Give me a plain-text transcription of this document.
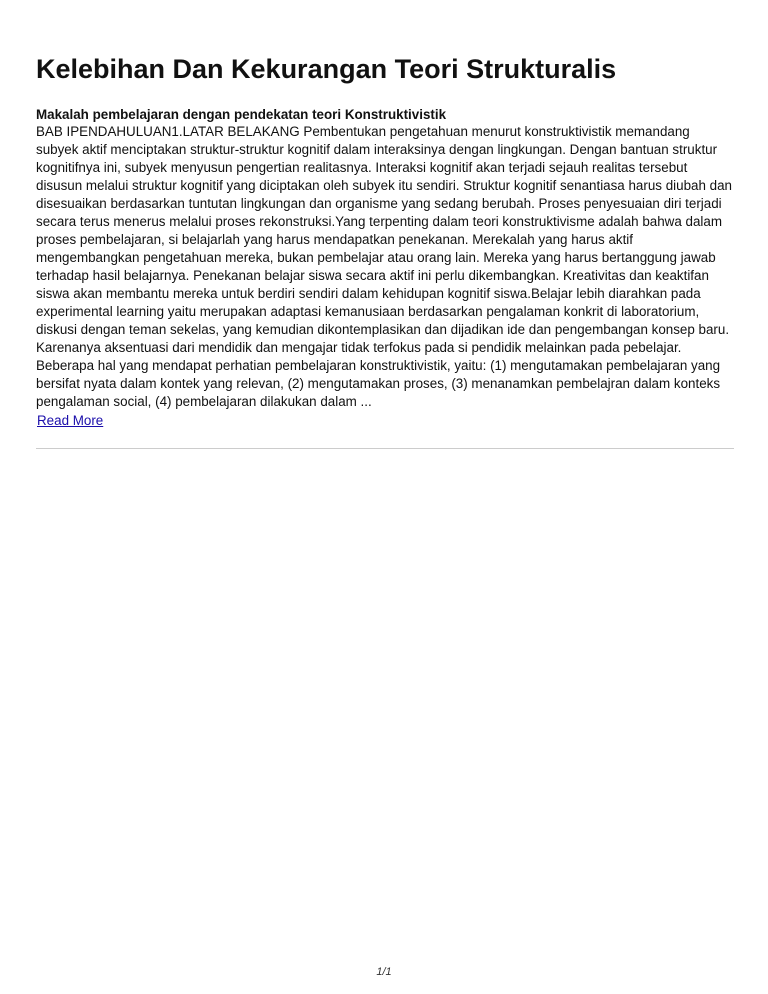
Kelebihan Dan Kekurangan Teori Strukturalis

Makalah pembelajaran dengan pendekatan teori Konstruktivistik

BAB IPENDAHULUAN1.LATAR BELAKANG Pembentukan pengetahuan menurut konstruktivistik memandang subyek aktif menciptakan struktur-struktur kognitif dalam interaksinya dengan lingkungan. Dengan bantuan struktur kognitifnya ini, subyek menyusun pengertian realitasnya. Interaksi kognitif akan terjadi sejauh realitas tersebut disusun melalui struktur kognitif yang diciptakan oleh subyek itu sendiri. Struktur kognitif senantiasa harus diubah dan disesuaikan berdasarkan tuntutan lingkungan dan organisme yang sedang berubah. Proses penyesuaian diri terjadi secara terus menerus melalui proses rekonstruksi.Yang terpenting dalam teori konstruktivisme adalah bahwa dalam proses pembelajaran, si belajarlah yang harus mendapatkan penekanan. Merekalah yang harus aktif mengembangkan pengetahuan mereka, bukan pembelajar atau orang lain. Mereka yang harus bertanggung jawab terhadap hasil belajarnya. Penekanan belajar siswa secara aktif ini perlu dikembangkan. Kreativitas dan keaktifan siswa akan membantu mereka untuk berdiri sendiri dalam kehidupan kognitif siswa.Belajar lebih diarahkan pada experimental learning yaitu merupakan adaptasi kemanusiaan berdasarkan pengalaman konkrit di laboratorium, diskusi dengan teman sekelas, yang kemudian dikontemplasikan dan dijadikan ide dan pengembangan konsep baru. Karenanya aksentuasi dari mendidik dan mengajar tidak terfokus pada si pendidik melainkan pada pebelajar. Beberapa hal yang mendapat perhatian pembelajaran konstruktivistik, yaitu: (1) mengutamakan pembelajaran yang bersifat nyata dalam kontek yang relevan, (2) mengutamakan proses, (3) menanamkan pembelajran dalam konteks pengalaman social, (4) pembelajaran dilakukan dalam ...

Read More
1/1
